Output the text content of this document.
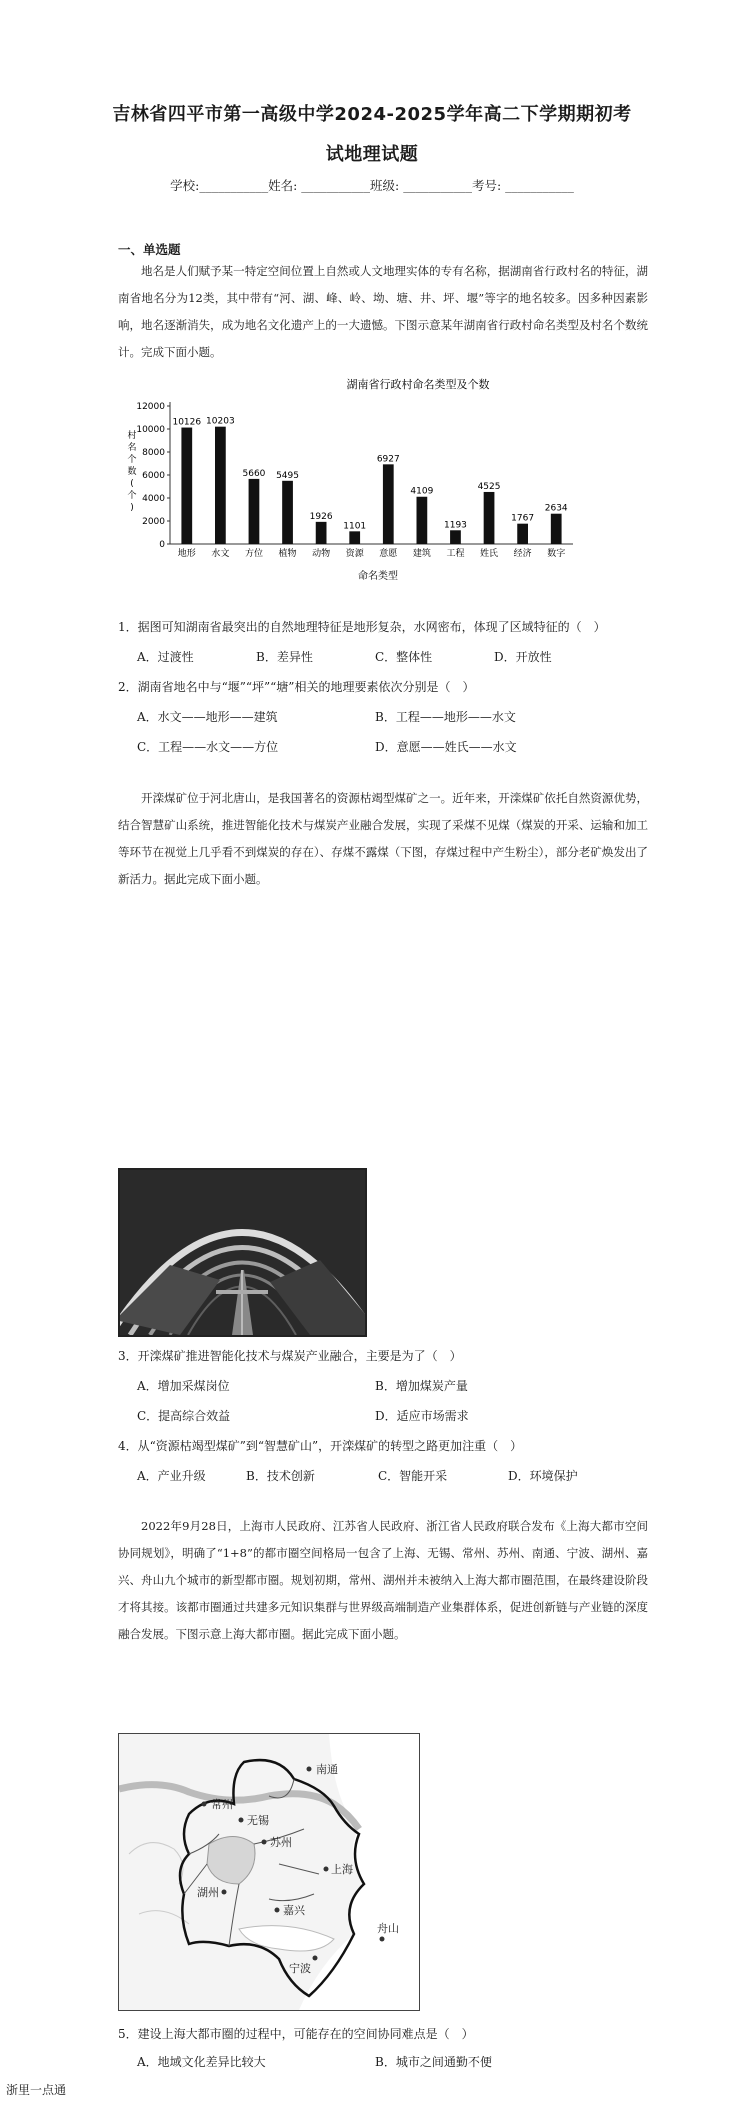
吉林省四平市第一高级中学2024-2025学年高二下学期期初考
试地理试题
学校:___________姓名: ___________班级: ___________考号: ___________
一、单选题

地名是人们赋予某一特定空间位置上自然或人文地理实体的专有名称，据湖南省行政村名的特征，湖南省地名分为12类，其中带有“河、湖、峰、岭、坳、塘、井、坪、堰”等字的地名较多。因多种因素影响，地名逐渐消失，成为地名文化遗产上的一大遗憾。下图示意某年湖南省行政村命名类型及村名个数统计。完成下面小题。

湖南省行政村命名类型及个数
命名类型
村
名
个
数
(
个
)
0
2000
4000
6000
8000
10000
12000
10126
地形
10203
水文
5660
方位
5495
植物
1926
动物
1101
资源
6927
意愿
4109
建筑
1193
工程
4525
姓氏
1767
经济
2634
数字
1．据图可知湖南省最突出的自然地理特征是地形复杂，水网密布，体现了区域特征的（　）
A．过渡性	B．差异性	C．整体性	D．开放性
2．湖南省地名中与“堰”“坪”“塘”相关的地理要素依次分别是（　）
A．水文——地形——建筑	B．工程——地形——水文
C．工程——水文——方位	D．意愿——姓氏——水文

开滦煤矿位于河北唐山，是我国著名的资源枯竭型煤矿之一。近年来，开滦煤矿依托自然资源优势，结合智慧矿山系统，推进智能化技术与煤炭产业融合发展，实现了采煤不见煤（煤炭的开采、运输和加工等环节在视觉上几乎看不到煤炭的存在）、存煤不露煤（下图，存煤过程中产生粉尘），部分老矿焕发出了新活力。据此完成下面小题。

3．开滦煤矿推进智能化技术与煤炭产业融合，主要是为了（　）
A．增加采煤岗位	B．增加煤炭产量
C．提高综合效益	D．适应市场需求
4．从“资源枯竭型煤矿”到“智慧矿山”，开滦煤矿的转型之路更加注重（　）
A．产业升级	B．技术创新	C．智能开采	D．环境保护

2022年9月28日，上海市人民政府、江苏省人民政府、浙江省人民政府联合发布《上海大都市空间协同规划》，明确了“1+8”的都市圈空间格局一包含了上海、无锡、常州、苏州、南通、宁波、湖州、嘉兴、舟山九个城市的新型都市圈。规划初期，常州、湖州并未被纳入上海大都市圈范围，在最终建设阶段才将其接。该都市圈通过共建多元知识集群与世界级高端制造产业集群体系，促进创新链与产业链的深度融合发展。下图示意上海大都市圈。据此完成下面小题。

南通
常州
无锡
苏州
上海
湖州
嘉兴
舟山
宁波
5．建设上海大都市圈的过程中，可能存在的空间协同难点是（　）
A．地域文化差异比较大	B．城市之间通勤不便
浙里一点通
